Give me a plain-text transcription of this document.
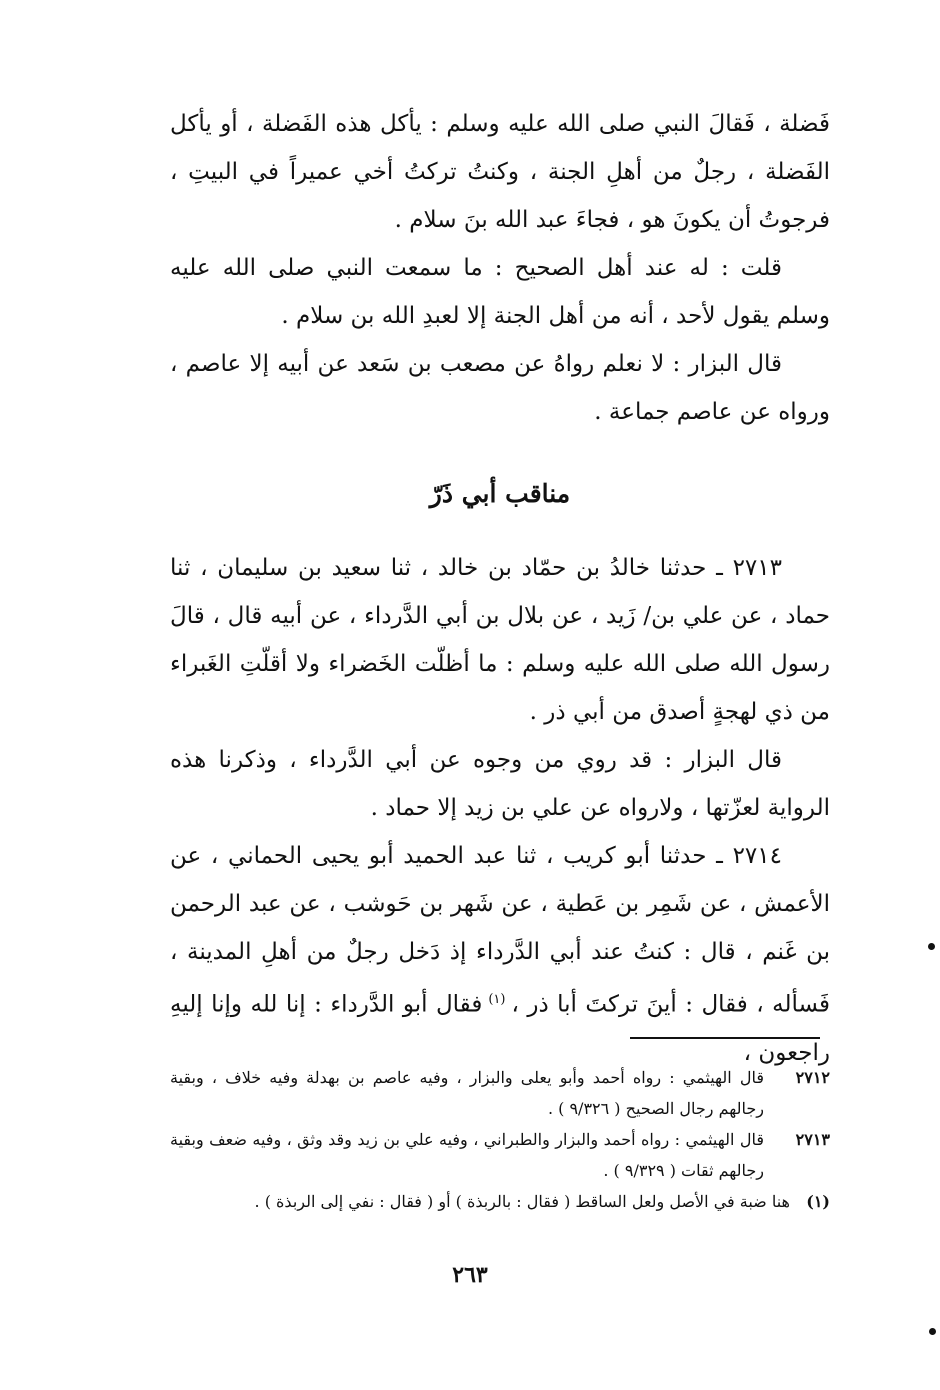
فَضلة ، فَقالَ النبي صلى الله عليه وسلم : يأكل هذه الفَضلة ، أو يأكل الفَضلة ، رجلٌ من أهلِ الجنة ، وكنتُ تركتُ أخي عميراً في البيتِ ، فرجوتُ أن يكونَ هو ، فجاءَ عبد الله بنَ سلام .

قلت : له عند أهل الصحيح : ما سمعت النبي صلى الله عليه وسلم يقول لأحد ، أنه من أهل الجنة إلا لعبدِ الله بن سلام .

قال البزار : لا نعلم رواهُ عن مصعب بن سَعد عن أبيه إلا عاصم ، ورواه عن عاصم جماعة .

مناقب أبي ذَرّ

٢٧١٣ ـ حدثنا خالدُ بن حمّاد بن خالد ، ثنا سعيد بن سليمان ، ثنا حماد ، عن علي بن/ زَيد ، عن بلال بن أبي الدَّرداء ، عن أبيه قال ، قالَ رسول الله صلى الله عليه وسلم : ما أظلّت الخَضراء ولا أقلّتِ الغَبراء من ذي لهجةٍ أصدق من أبي ذر .

قال البزار : قد روي من وجوه عن أبي الدَّرداء ، وذكرنا هذه الرواية لعزّتها ، ولارواه عن علي بن زيد إلا حماد .

٢٧١٤ ـ حدثنا أبو كريب ، ثنا عبد الحميد أبو يحيى الحماني ، عن الأعمش ، عن شَمِر بن عَطية ، عن شَهر بن حَوشب ، عن عبد الرحمن بن غَنم ، قال : كنتُ عند أبي الدَّرداء إذ دَخل رجلٌ من أهلِ المدينة ، فَسأله ، فقال : أينَ تركتَ أبا ذر ،$^{(١)}$فقال أبو الدَّرداء : إنا لله وإنا إليهِ راجعون ،

٢٧١٢
قال الهيثمي : رواه أحمد وأبو يعلى والبزار ، وفيه عاصم بن بهدلة وفيه خلاف ، وبقية رجالهم رجال الصحيح ( ٩/٣٢٦ ) .
٢٧١٣
قال الهيثمي : رواه أحمد والبزار والطبراني ، وفيه علي بن زيد وقد وثق ، وفيه ضعف وبقية رجالهم ثقات ( ٩/٣٢٩ ) .
(١)
هنا ضبة في الأصل ولعل الساقط ( فقال : بالربذة ) أو ( فقال : نفي إلى الربذة ) .
٢٦٣
